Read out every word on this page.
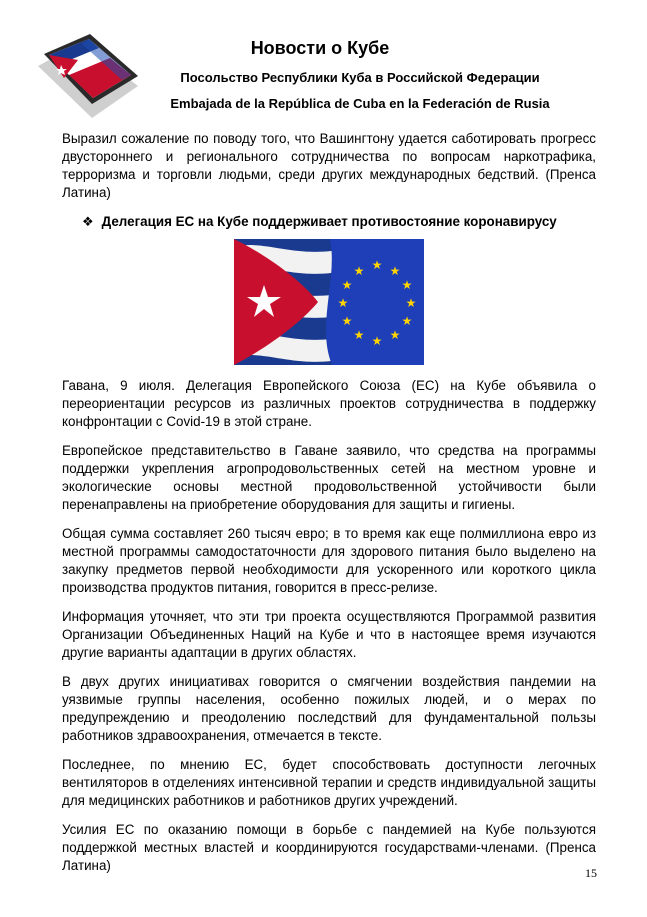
Новости о Кубе
Посольство Республики Куба в Российской Федерации
Embajada de la República de Cuba en la Federación de Rusia

Выразил сожаление по поводу того, что Вашингтону удается саботировать прогресс двустороннего и регионального сотрудничества по вопросам наркотрафика, терроризма и торговли людьми, среди других международных бедствий. (Пренса Латина)

❖ Делегация ЕС на Кубе поддерживает противостояние коронавирусу
★ ★
★
★
★
★
★
★
★
★
★
★

Гавана, 9 июля. Делегация Европейского Союза (ЕС) на Кубе объявила о переориентации ресурсов из различных проектов сотрудничества в поддержку конфронтации с Covid-19 в этой стране.

Европейское представительство в Гаване заявило, что средства на программы поддержки укрепления агропродовольственных сетей на местном уровне и экологические основы местной продовольственной устойчивости были перенаправлены на приобретение оборудования для защиты и гигиены.

Общая сумма составляет 260 тысяч евро; в то время как еще полмиллиона евро из местной программы самодостаточности для здорового питания было выделено на закупку предметов первой необходимости для ускоренного или короткого цикла производства продуктов питания, говорится в пресс-релизе.

Информация уточняет, что эти три проекта осуществляются Программой развития Организации Объединенных Наций на Кубе и что в настоящее время изучаются другие варианты адаптации в других областях.

В двух других инициативах говорится о смягчении воздействия пандемии на уязвимые группы населения, особенно пожилых людей, и о мерах по предупреждению и преодолению последствий для фундаментальной пользы работников здравоохранения, отмечается в тексте.

Последнее, по мнению ЕС, будет способствовать доступности легочных вентиляторов в отделениях интенсивной терапии и средств индивидуальной защиты для медицинских работников и работников других учреждений.

Усилия ЕС по оказанию помощи в борьбе с пандемией на Кубе пользуются поддержкой местных властей и координируются государствами-членами. (Пренса Латина)	15
